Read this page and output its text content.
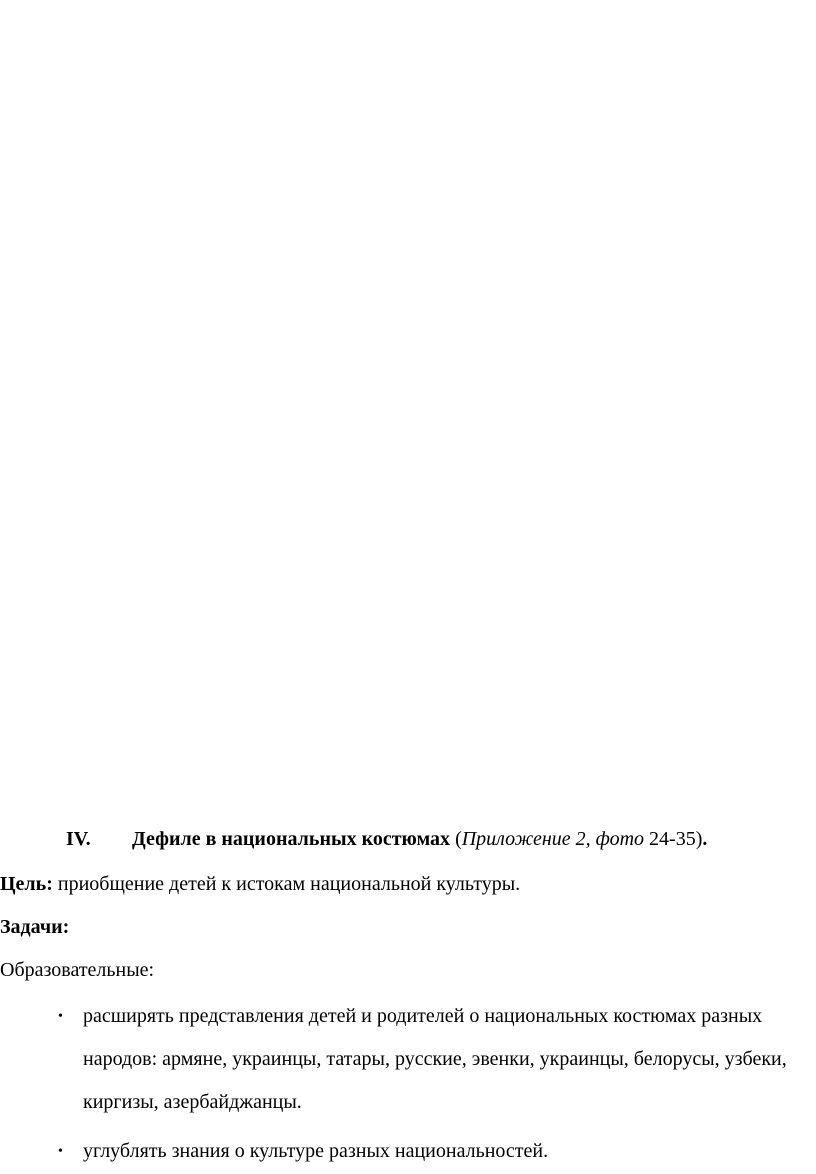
IV. Дефиле в национальных костюмах (Приложение 2, фото 24-35).
Цель: приобщение детей к истокам национальной культуры.
Задачи:
Образовательные:
• расширять представления детей и родителей о национальных костюмах разных народов: армяне, украинцы, татары, русские, эвенки, украинцы, белорусы, узбеки, киргизы, азербайджанцы.
• углублять знания о культуре разных национальностей.
